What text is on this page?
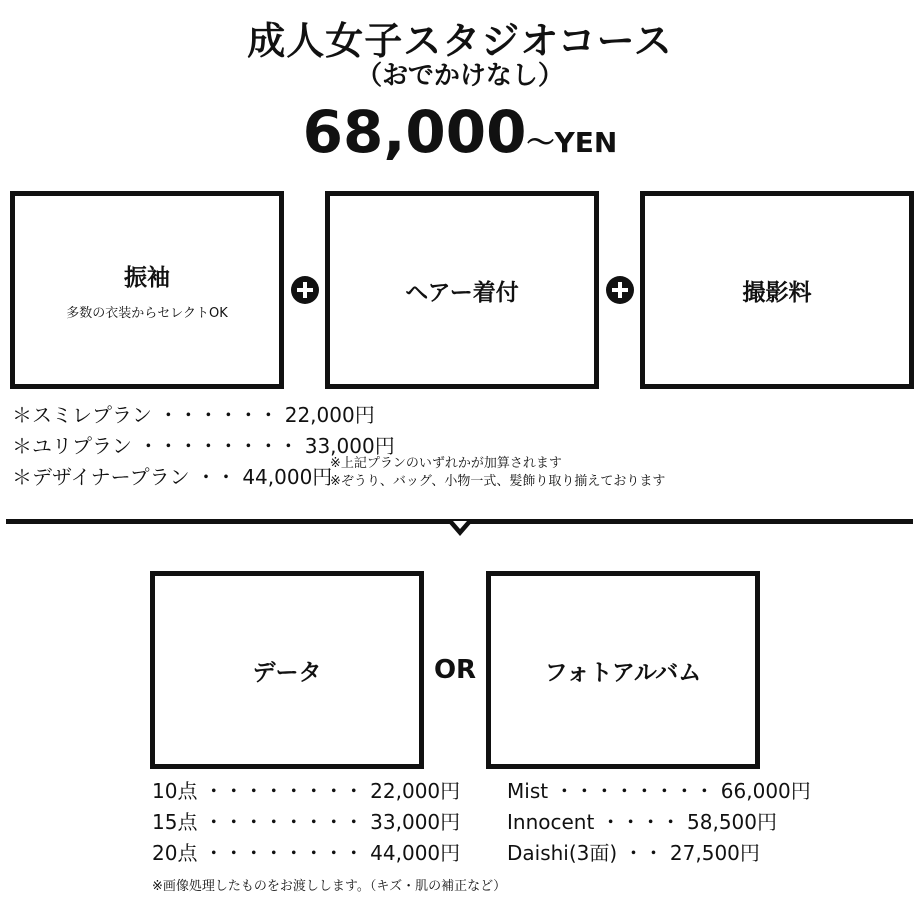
成人女子スタジオコース
（おでかけなし）
68,000～YEN
振袖
多数の衣装からセレクトOK
ヘアー着付	撮影料
＊スミレプラン ・・・・・・ 22,000円
＊ユリプラン ・・・・・・・・ 33,000円
＊デザイナープラン ・・ 44,000円
※上記プランのいずれかが加算されます
※ぞうり、バッグ、小物一式、髪飾り取り揃えております
データ	OR	フォトアルバム
10点 ・・・・・・・・ 22,000円
15点 ・・・・・・・・ 33,000円
20点 ・・・・・・・・ 44,000円
Mist ・・・・・・・・ 66,000円
Innocent ・・・・ 58,500円
Daishi(3面) ・・ 27,500円
※画像処理したものをお渡しします。（キズ・肌の補正など）
